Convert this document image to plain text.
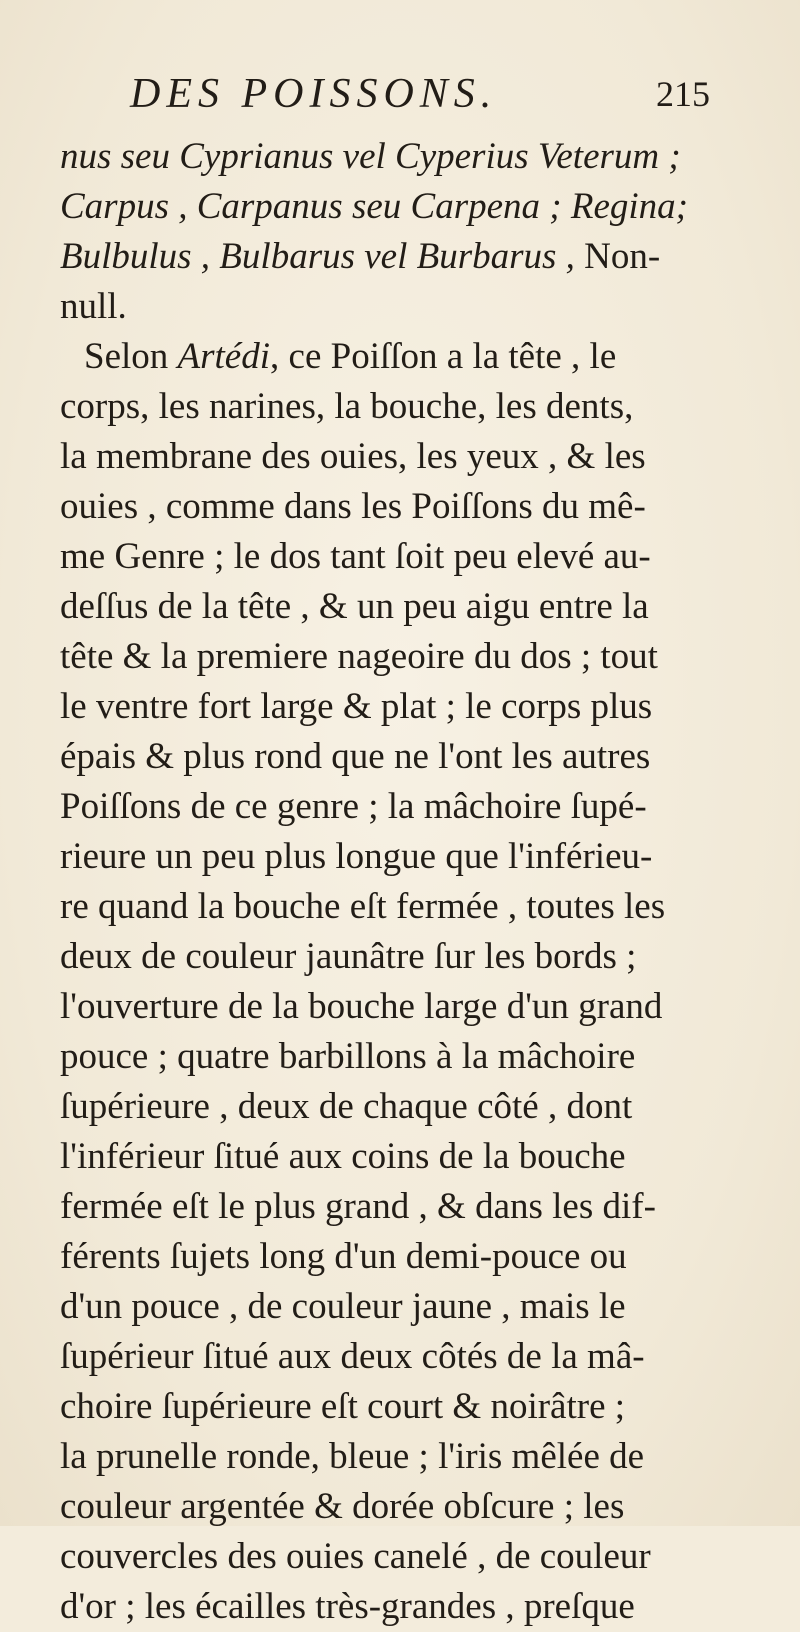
DES POISSONS.	215
nus seu Cyprianus vel Cyperius Veterum ;
Carpus , Carpanus seu Carpena ; Regina;
Bulbulus , Bulbarus vel Burbarus , Non-
null.
Selon Artédi, ce Poiſſon a la tête , le
corps, les narines, la bouche, les dents,
la membrane des ouies, les yeux , & les
ouies , comme dans les Poiſſons du mê-
me Genre ; le dos tant ſoit peu elevé au-
deſſus de la tête , & un peu aigu entre la
tête & la premiere nageoire du dos ; tout
le ventre fort large & plat ; le corps plus
épais & plus rond que ne l'ont les autres
Poiſſons de ce genre ; la mâchoire ſupé-
rieure un peu plus longue que l'inférieu-
re quand la bouche eſt fermée , toutes les
deux de couleur jaunâtre ſur les bords ;
l'ouverture de la bouche large d'un grand
pouce ; quatre barbillons à la mâchoire
ſupérieure , deux de chaque côté , dont
l'inférieur ſitué aux coins de la bouche
fermée eſt le plus grand , & dans les dif-
férents ſujets long d'un demi-pouce ou
d'un pouce , de couleur jaune , mais le
ſupérieur ſitué aux deux côtés de la mâ-
choire ſupérieure eſt court & noirâtre ;
la prunelle ronde, bleue ; l'iris mêlée de
couleur argentée & dorée obſcure ; les
couvercles des ouies canelé , de couleur
d'or ; les écailles très-grandes , preſque
